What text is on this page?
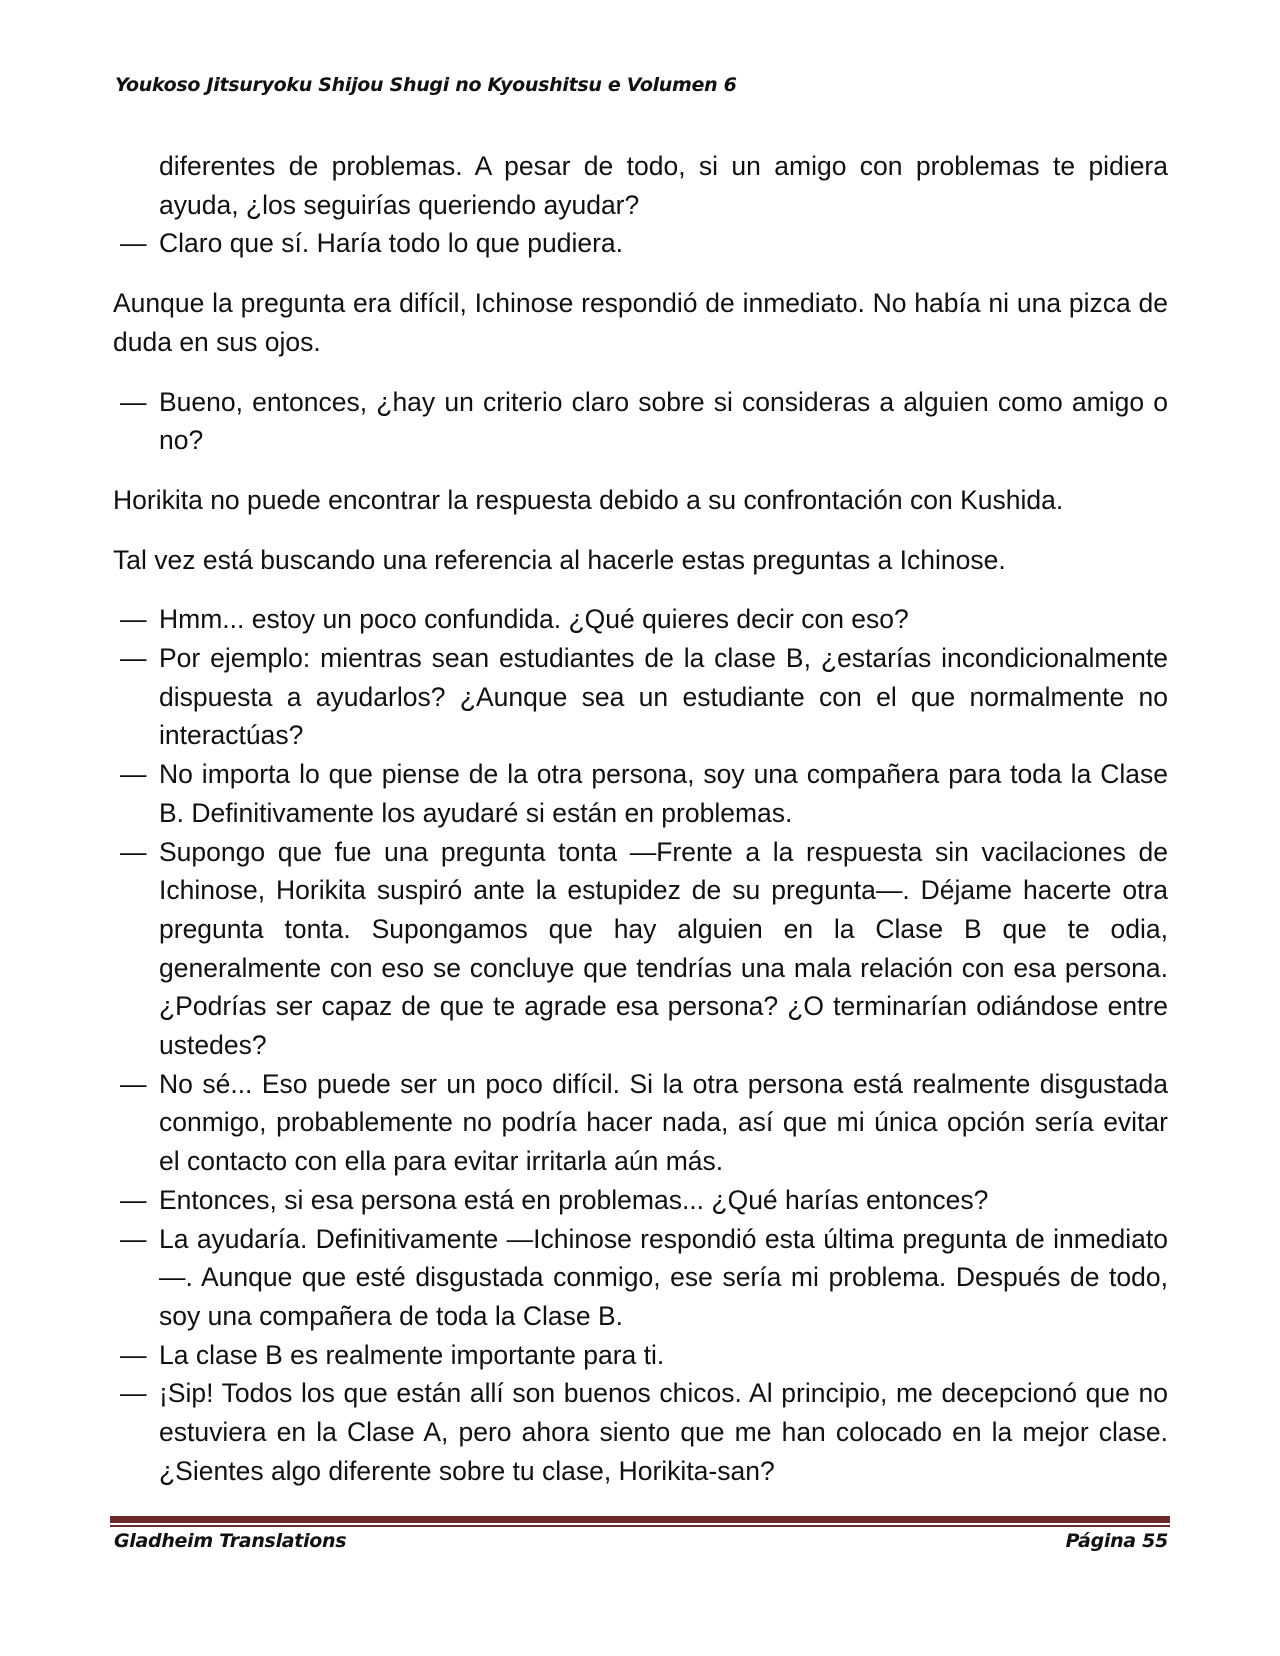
Youkoso Jitsuryoku Shijou Shugi no Kyoushitsu e Volumen 6
diferentes de problemas. A pesar de todo, si un amigo con problemas te pidiera ayuda, ¿los seguirías queriendo ayudar?
— Claro que sí. Haría todo lo que pudiera.

Aunque la pregunta era difícil, Ichinose respondió de inmediato. No había ni una pizca de duda en sus ojos.

— Bueno, entonces, ¿hay un criterio claro sobre si consideras a alguien como amigo o no?

Horikita no puede encontrar la respuesta debido a su confrontación con Kushida.

Tal vez está buscando una referencia al hacerle estas preguntas a Ichinose.

— Hmm... estoy un poco confundida. ¿Qué quieres decir con eso?
— Por ejemplo: mientras sean estudiantes de la clase B, ¿estarías incondicionalmente dispuesta a ayudarlos? ¿Aunque sea un estudiante con el que normalmente no interactúas?
— No importa lo que piense de la otra persona, soy una compañera para toda la Clase B. Definitivamente los ayudaré si están en problemas.
— Supongo que fue una pregunta tonta —Frente a la respuesta sin vacilaciones de Ichinose, Horikita suspiró ante la estupidez de su pregunta—. Déjame hacerte otra pregunta tonta. Supongamos que hay alguien en la Clase B que te odia, generalmente con eso se concluye que tendrías una mala relación con esa persona. ¿Podrías ser capaz de que te agrade esa persona? ¿O terminarían odiándose entre ustedes?
— No sé... Eso puede ser un poco difícil. Si la otra persona está realmente disgustada conmigo, probablemente no podría hacer nada, así que mi única opción sería evitar el contacto con ella para evitar irritarla aún más.
— Entonces, si esa persona está en problemas... ¿Qué harías entonces?
— La ayudaría. Definitivamente —Ichinose respondió esta última pregunta de inmediato—. Aunque que esté disgustada conmigo, ese sería mi problema. Después de todo, soy una compañera de toda la Clase B.
— La clase B es realmente importante para ti.
— ¡Sip! Todos los que están allí son buenos chicos. Al principio, me decepcionó que no estuviera en la Clase A, pero ahora siento que me han colocado en la mejor clase. ¿Sientes algo diferente sobre tu clase, Horikita-san?
Gladheim Translations	Página 55
